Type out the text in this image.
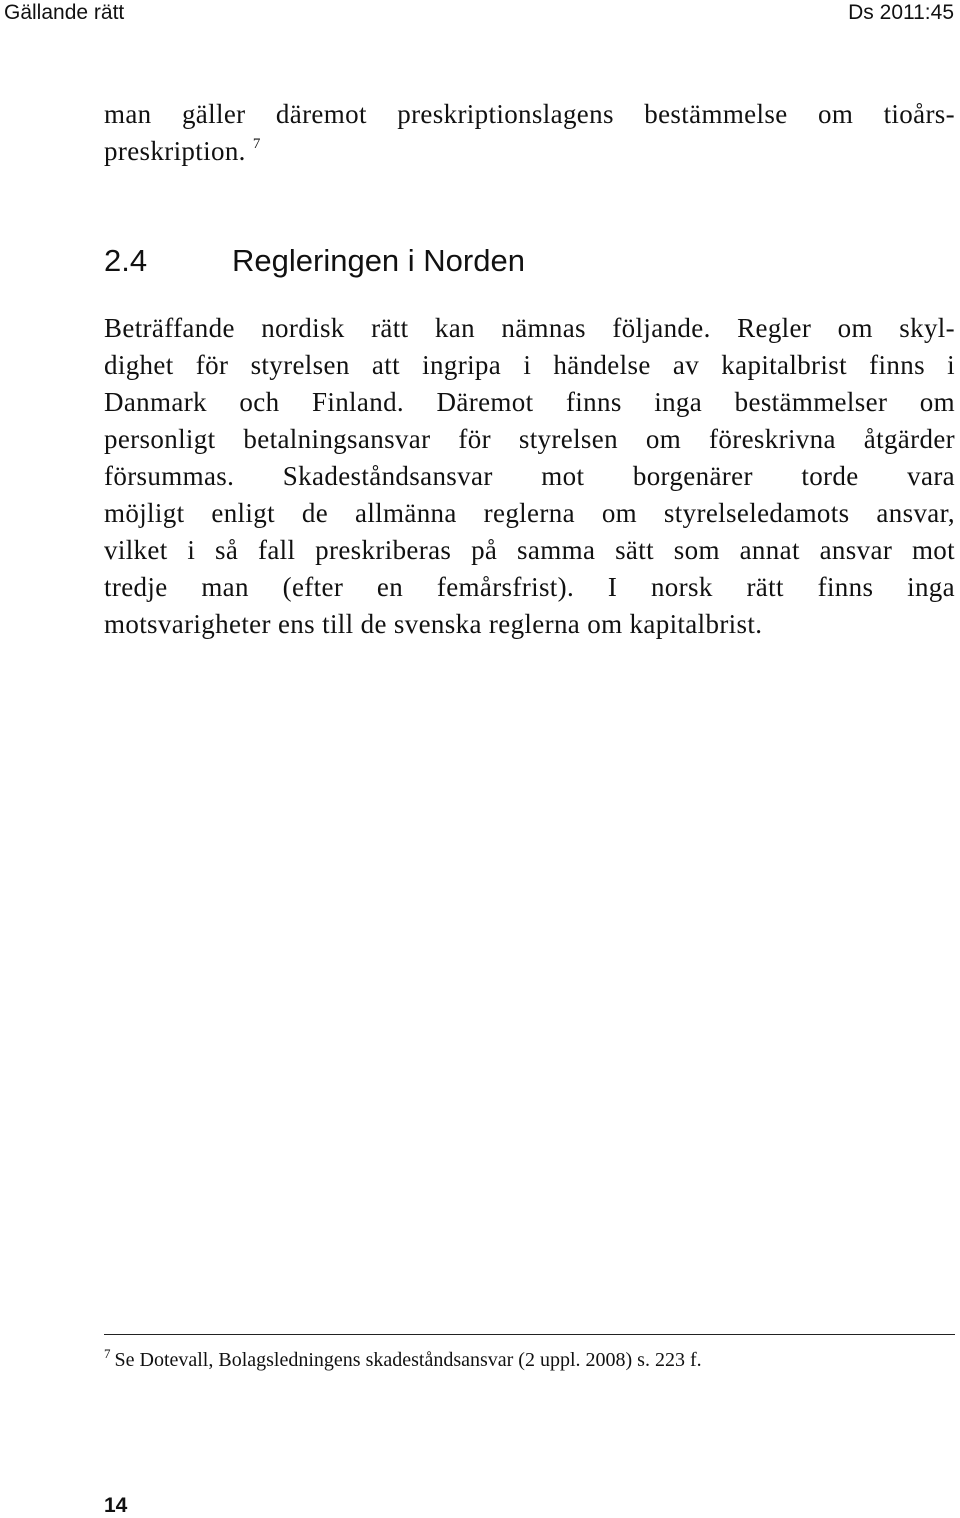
Gällande rätt	Ds 2011:45
man gäller däremot preskriptionslagens bestämmelse om tioårs-
preskription. $^7$
2.4	Regleringen i Norden
Beträffande nordisk rätt kan nämnas följande. Regler om skyl-
dighet för styrelsen att ingripa i händelse av kapitalbrist finns i
Danmark och Finland. Däremot finns inga bestämmelser om
personligt betalningsansvar för styrelsen om föreskrivna åtgärder
försummas. Skadeståndsansvar mot borgenärer torde vara
möjligt enligt de allmänna reglerna om styrelseledamots ansvar,
vilket i så fall preskriberas på samma sätt som annat ansvar mot
tredje man (efter en femårsfrist). I norsk rätt finns inga
motsvarigheter ens till de svenska reglerna om kapitalbrist.
$^7$ Se Dotevall, Bolagsledningens skadeståndsansvar (2 uppl. 2008) s. 223 f.
14
